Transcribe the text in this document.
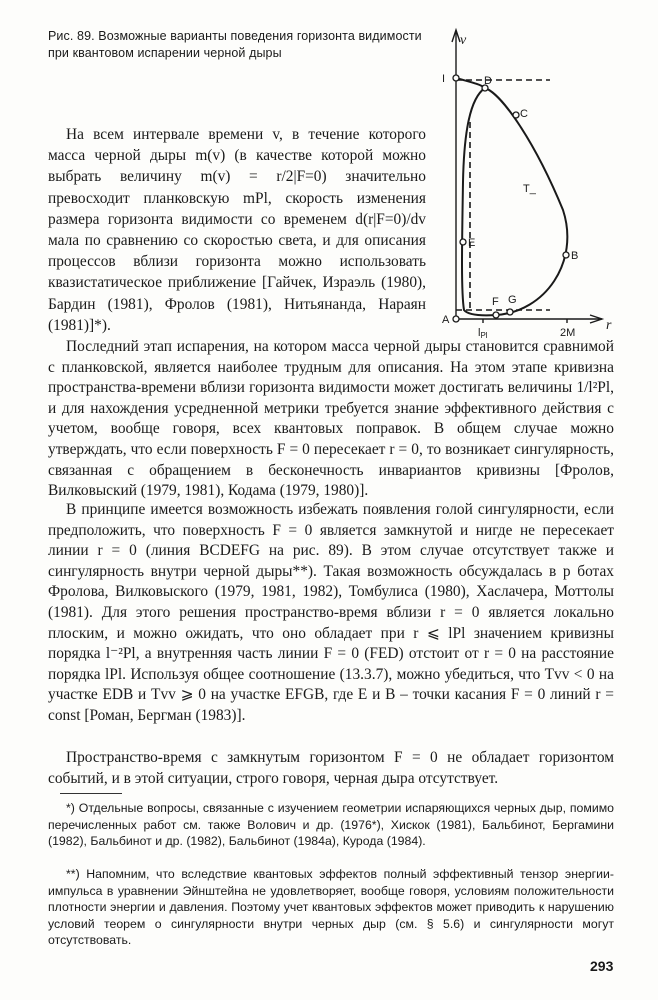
Рис. 89. Возможные варианты поведения горизонта видимости при квантовом испарении черной дыры
v
r
I	D
C
T_
E
B
A
F G
lPl	2M

На всем интервале времени v, в течение которого масса черной дыры m(v) (в качестве которой можно выбрать величину m(v) = r/2|F=0) значительно превосходит планковскую mPl, скорость изменения размера горизонта видимости со временем d(r|F=0)/dv мала по сравнению со скоростью света, и для описания процессов вблизи горизонта можно использовать квазистатическое приближение [Гайчек, Израэль (1980), Бардин (1981), Фролов (1981), Нитьянанда, Нараян (1981)]*).

Последний этап испарения, на котором масса черной дыры становится сравнимой с планковской, является наиболее трудным для описания. На этом этапе кривизна пространства-времени вблизи горизонта видимости может достигать величины 1/l²Pl, и для нахождения усредненной метрики требуется знание эффективного действия с учетом, вообще говоря, всех квантовых поправок. В общем случае можно утверждать, что если поверхность F = 0 пересекает r = 0, то возникает сингулярность, связанная с обращением в бесконечность инвариантов кривизны [Фролов, Вилковыский (1979, 1981), Кодама (1979, 1980)].

В принципе имеется возможность избежать появления голой сингулярности, если предположить, что поверхность F = 0 является замкнутой и нигде не пересекает линии r = 0 (линия BCDEFG на рис. 89). В этом случае отсутствует также и сингулярность внутри черной дыры**). Такая возможность обсуждалась в р ботах Фролова, Вилковыского (1979, 1981, 1982), Томбулиса (1980), Хаслачера, Моттолы (1981). Для этого решения пространство-время вблизи r = 0 является локально плоским, и можно ожидать, что оно обладает при r ⩽ lPl значением кривизны порядка l⁻²Pl, а внутренняя часть линии F = 0 (FED) отстоит от r = 0 на расстояние порядка lPl. Используя общее соотношение (13.3.7), можно убедиться, что Tvv < 0 на участке EDB и Tvv ⩾ 0 на участке EFGB, где E и B – точки касания F = 0 линий r = const [Роман, Бергман (1983)].

Пространство-время с замкнутым горизонтом F = 0 не обладает горизонтом событий, и в этой ситуации, строго говоря, черная дыра отсутствует.

*) Отдельные вопросы, связанные с изучением геометрии испаряющихся черных дыр, помимо перечисленных работ см. также Волович и др. (1976*), Хискок (1981), Бальбинот, Бергамини (1982), Бальбинот и др. (1982), Бальбинот (1984а), Курода (1984).

**) Напомним, что вследствие квантовых эффектов полный эффективный тензор энергии-импульса в уравнении Эйнштейна не удовлетворяет, вообще говоря, условиям положительности плотности энергии и давления. Поэтому учет квантовых эффектов может приводить к нарушению условий теорем о сингулярности внутри черных дыр (см. § 5.6) и сингулярности могут отсутствовать.

293
